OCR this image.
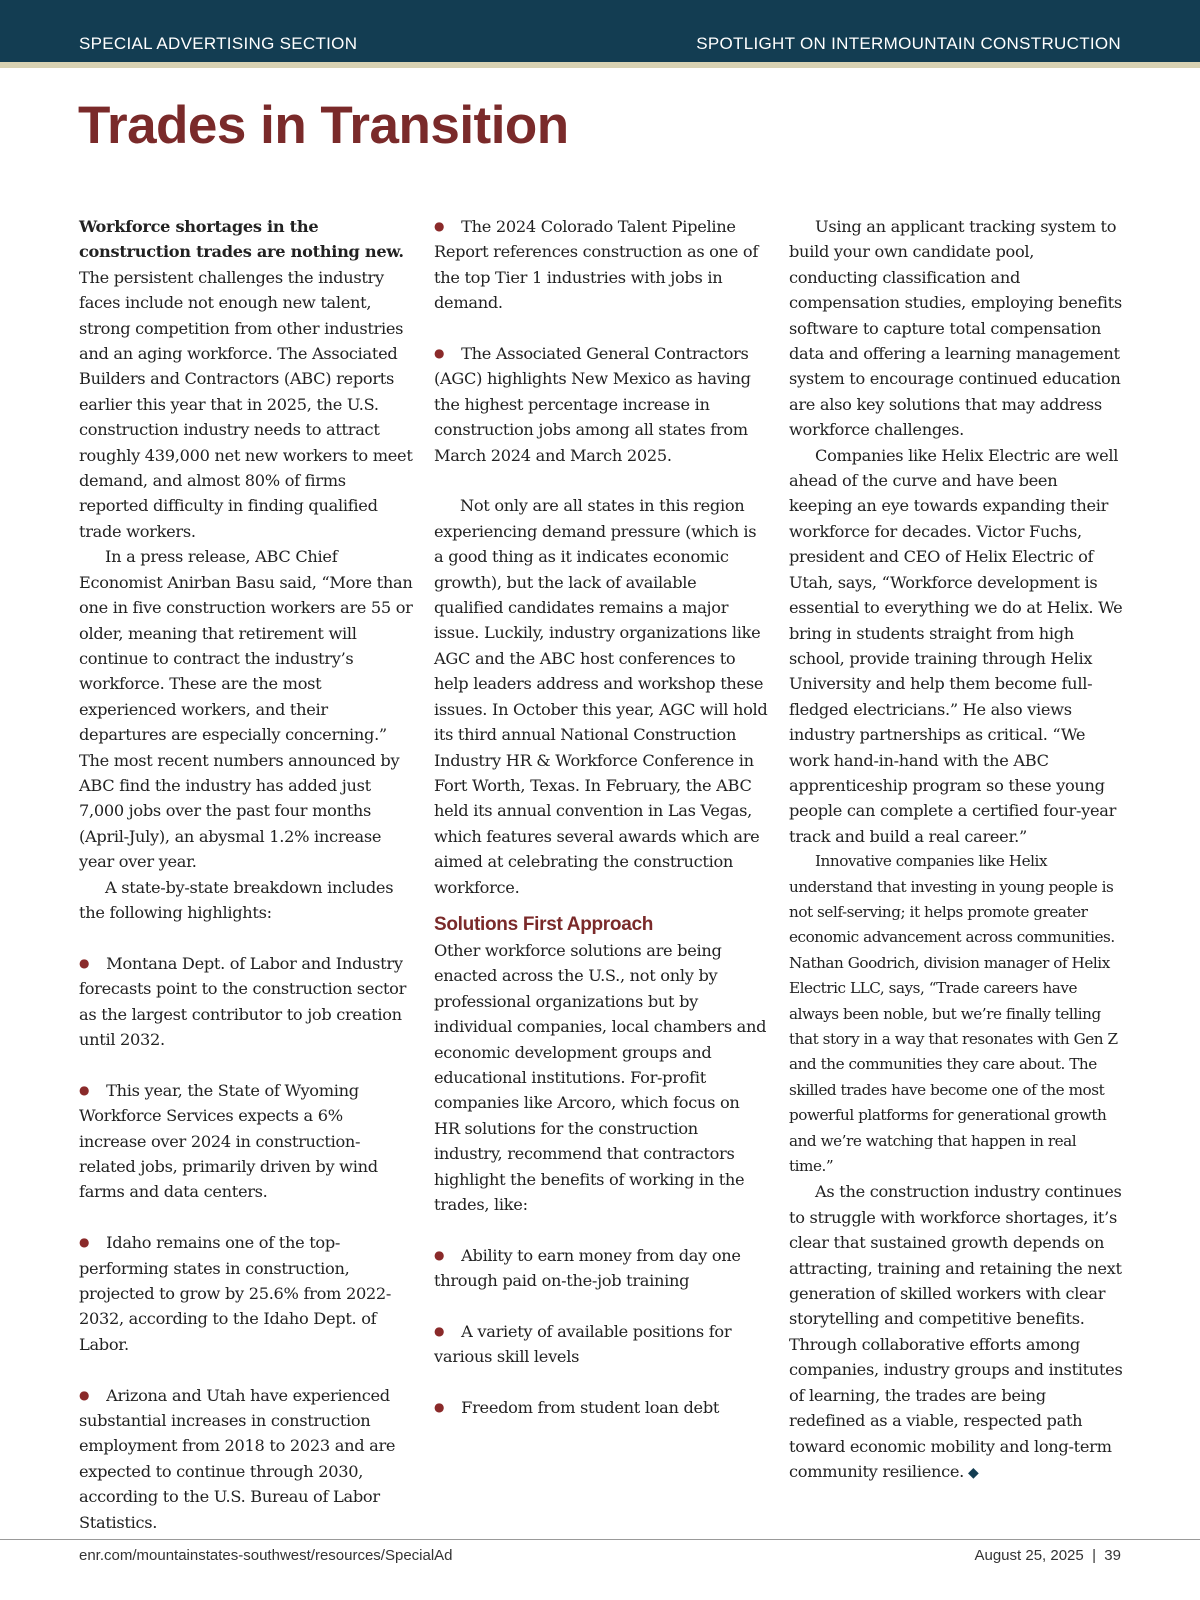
SPECIAL ADVERTISING SECTION	SPOTLIGHT ON INTERMOUNTAIN CONSTRUCTION
Trades in Transition

Workforce shortages in the construction trades are nothing new. The persistent challenges the industry faces include not enough new talent, strong competition from other industries and an aging workforce. The Associated Builders and Contractors (ABC) reports earlier this year that in 2025, the U.S. construction industry needs to attract roughly 439,000 net new workers to meet demand, and almost 80% of firms reported difficulty in finding qualified trade workers.

In a press release, ABC Chief Economist Anirban Basu said, “More than one in five construction workers are 55 or older, meaning that retirement will continue to contract the industry’s workforce. These are the most experienced workers, and their departures are especially concerning.” The most recent numbers announced by ABC find the industry has added just 7,000 jobs over the past four months (April-July), an abysmal 1.2% increase year over year.

A state-by-state breakdown includes the following highlights:

● Montana Dept. of Labor and Industry forecasts point to the construction sector as the largest contributor to job creation until 2032.

● This year, the State of Wyoming Workforce Services expects a 6% increase over 2024 in construction-related jobs, primarily driven by wind farms and data centers.

● Idaho remains one of the top-performing states in construction, projected to grow by 25.6% from 2022-2032, according to the Idaho Dept. of Labor.

● Arizona and Utah have experienced substantial increases in construction employment from 2018 to 2023 and are expected to continue through 2030, according to the U.S. Bureau of Labor Statistics.

● The 2024 Colorado Talent Pipeline Report references construction as one of the top Tier 1 industries with jobs in demand.

● The Associated General Contractors (AGC) highlights New Mexico as having the highest percentage increase in construction jobs among all states from March 2024 and March 2025.

Not only are all states in this region experiencing demand pressure (which is a good thing as it indicates economic growth), but the lack of available qualified candidates remains a major issue. Luckily, industry organizations like AGC and the ABC host conferences to help leaders address and workshop these issues. In October this year, AGC will hold its third annual National Construction Industry HR & Workforce Conference in Fort Worth, Texas. In February, the ABC held its annual convention in Las Vegas, which features several awards which are aimed at celebrating the construction workforce.

Solutions First Approach

Other workforce solutions are being enacted across the U.S., not only by professional organizations but by individual companies, local chambers and economic development groups and educational institutions. For-profit companies like Arcoro, which focus on HR solutions for the construction industry, recommend that contractors highlight the benefits of working in the trades, like:

● Ability to earn money from day one through paid on-the-job training

● A variety of available positions for various skill levels

● Freedom from student loan debt

Using an applicant tracking system to build your own candidate pool, conducting classification and compensation studies, employing benefits software to capture total compensation data and offering a learning management system to encourage continued education are also key solutions that may address workforce challenges.

Companies like Helix Electric are well ahead of the curve and have been keeping an eye towards expanding their workforce for decades. Victor Fuchs, president and CEO of Helix Electric of Utah, says, “Workforce development is essential to everything we do at Helix. We bring in students straight from high school, provide training through Helix University and help them become full-fledged electricians.” He also views industry partnerships as critical. “We work hand-in-hand with the ABC apprenticeship program so these young people can complete a certified four-year track and build a real career.”

Innovative companies like Helix understand that investing in young people is not self-serving; it helps promote greater economic advancement across communities. Nathan Goodrich, division manager of Helix Electric LLC, says, “Trade careers have always been noble, but we’re finally telling that story in a way that resonates with Gen Z and the communities they care about. The skilled trades have become one of the most powerful platforms for generational growth and we’re watching that happen in real time.”

As the construction industry continues to struggle with workforce shortages, it’s clear that sustained growth depends on attracting, training and retaining the next generation of skilled workers with clear storytelling and competitive benefits. Through collaborative efforts among companies, industry groups and institutes of learning, the trades are being redefined as a viable, respected path toward economic mobility and long-term community resilience. ◆

enr.com/mountainstates-southwest/resources/SpecialAd	August 25, 2025  |  39
